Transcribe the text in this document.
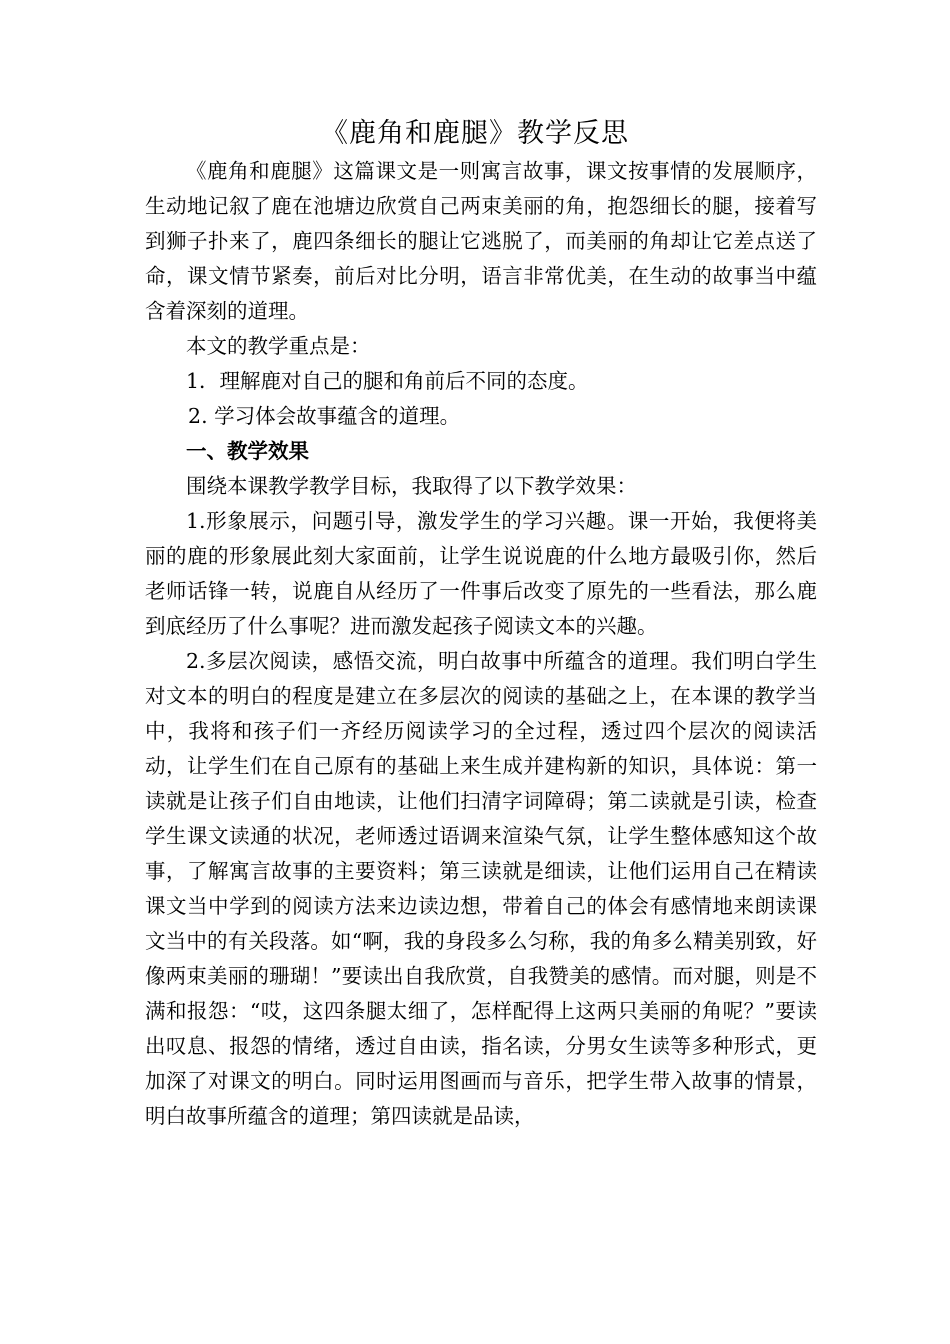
《鹿角和鹿腿》教学反思

《鹿角和鹿腿》这篇课文是一则寓言故事，课文按事情的发展顺序，生动地记叙了鹿在池塘边欣赏自己两束美丽的角，抱怨细长的腿，接着写到狮子扑来了，鹿四条细长的腿让它逃脱了，而美丽的角却让它差点送了命，课文情节紧奏，前后对比分明，语言非常优美，在生动的故事当中蕴含着深刻的道理。

本文的教学重点是：

1．理解鹿对自己的腿和角前后不同的态度。

2. 学习体会故事蕴含的道理。

一、教学效果

围绕本课教学教学目标，我取得了以下教学效果：

1.形象展示，问题引导，激发学生的学习兴趣。课一开始，我便将美丽的鹿的形象展此刻大家面前，让学生说说鹿的什么地方最吸引你，然后老师话锋一转，说鹿自从经历了一件事后改变了原先的一些看法，那么鹿到底经历了什么事呢？进而激发起孩子阅读文本的兴趣。

2.多层次阅读，感悟交流，明白故事中所蕴含的道理。我们明白学生对文本的明白的程度是建立在多层次的阅读的基础之上，在本课的教学当中，我将和孩子们一齐经历阅读学习的全过程，透过四个层次的阅读活动，让学生们在自己原有的基础上来生成并建构新的知识，具体说：第一读就是让孩子们自由地读，让他们扫清字词障碍；第二读就是引读，检查学生课文读通的状况，老师透过语调来渲染气氛，让学生整体感知这个故事，了解寓言故事的主要资料；第三读就是细读，让他们运用自己在精读课文当中学到的阅读方法来边读边想，带着自己的体会有感情地来朗读课文当中的有关段落。如“啊，我的身段多么匀称，我的角多么精美别致，好像两束美丽的珊瑚！”要读出自我欣赏，自我赞美的感情。而对腿，则是不满和报怨：“哎，这四条腿太细了，怎样配得上这两只美丽的角呢？”要读出叹息、报怨的情绪，透过自由读，指名读，分男女生读等多种形式，更加深了对课文的明白。同时运用图画而与音乐，把学生带入故事的情景，明白故事所蕴含的道理；第四读就是品读，
